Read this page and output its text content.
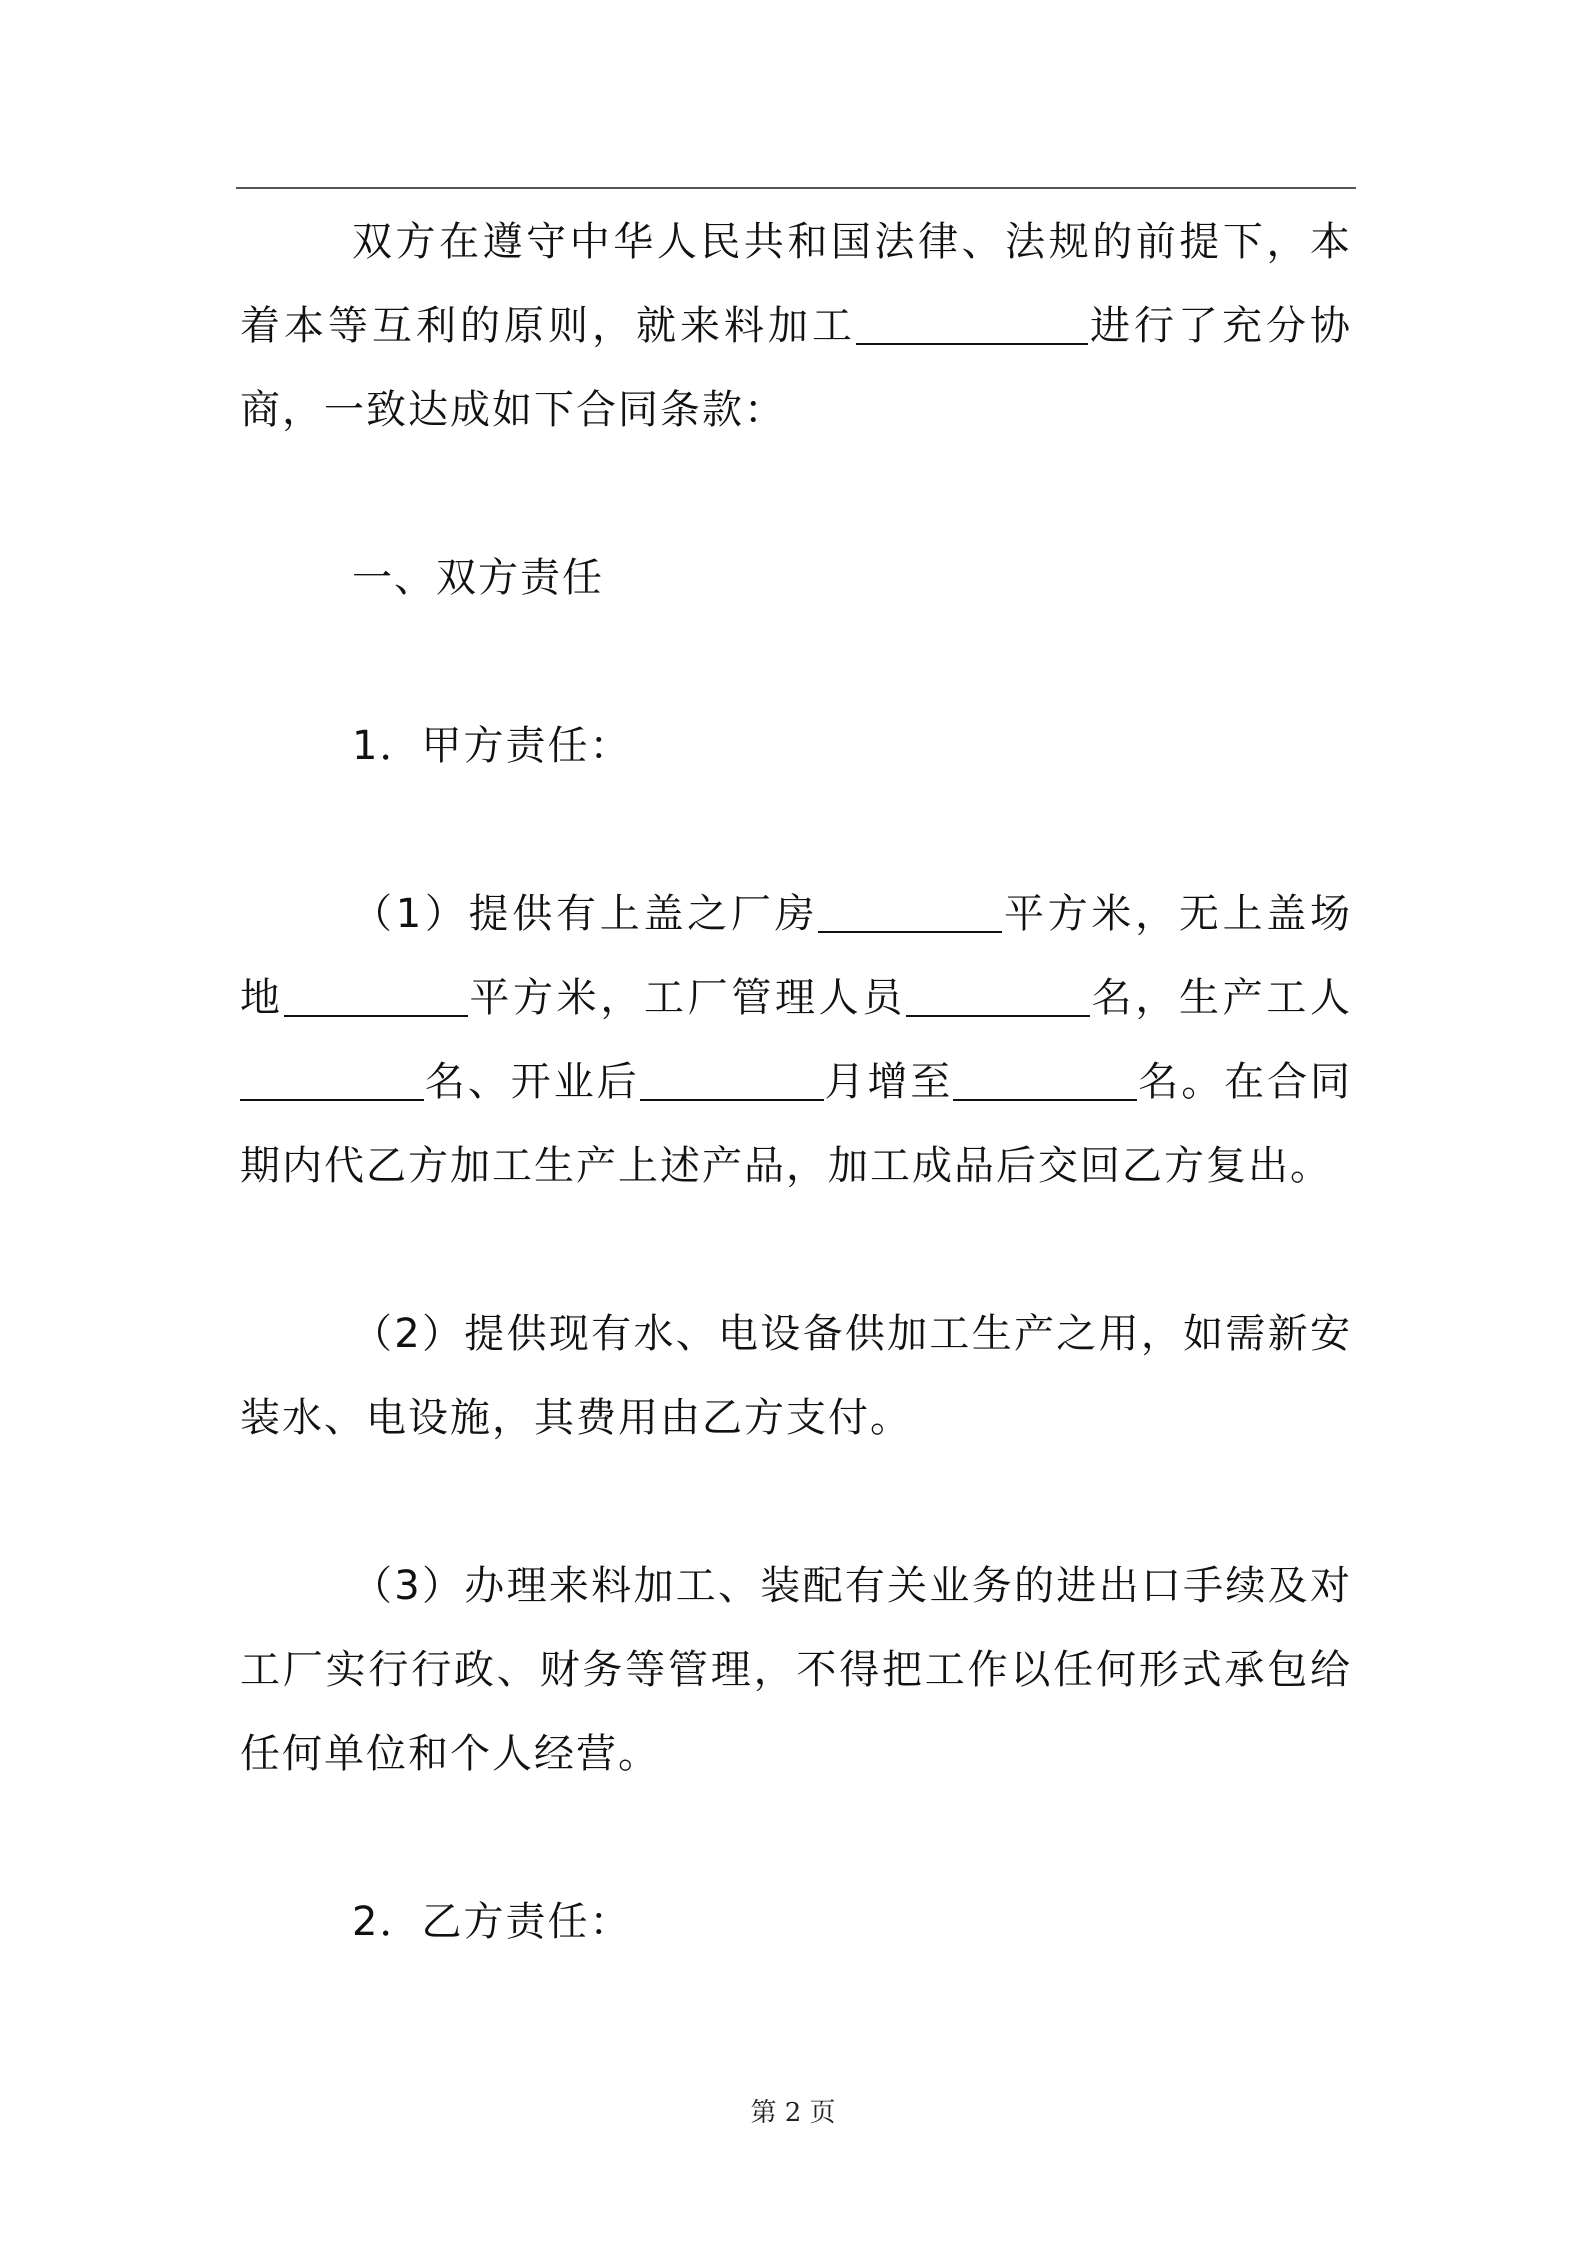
双方在遵守中华人民共和国法律、法规的前提下，本着本等互利的原则，就来料加工	进行了充分协商，一致达成如下合同条款：

一、双方责任

1．甲方责任：

（1）提供有上盖之厂房	平方米，无上盖场地	平方米，工厂管理人员	名，生产工人名、开业后	月增至	名。在合同期内代乙方加工生产上述产品，加工成品后交回乙方复出。

（2）提供现有水、电设备供加工生产之用，如需新安装水、电设施，其费用由乙方支付。

（3）办理来料加工、装配有关业务的进出口手续及对工厂实行行政、财务等管理，不得把工作以任何形式承包给任何单位和个人经营。

2．乙方责任：

第 2 页
